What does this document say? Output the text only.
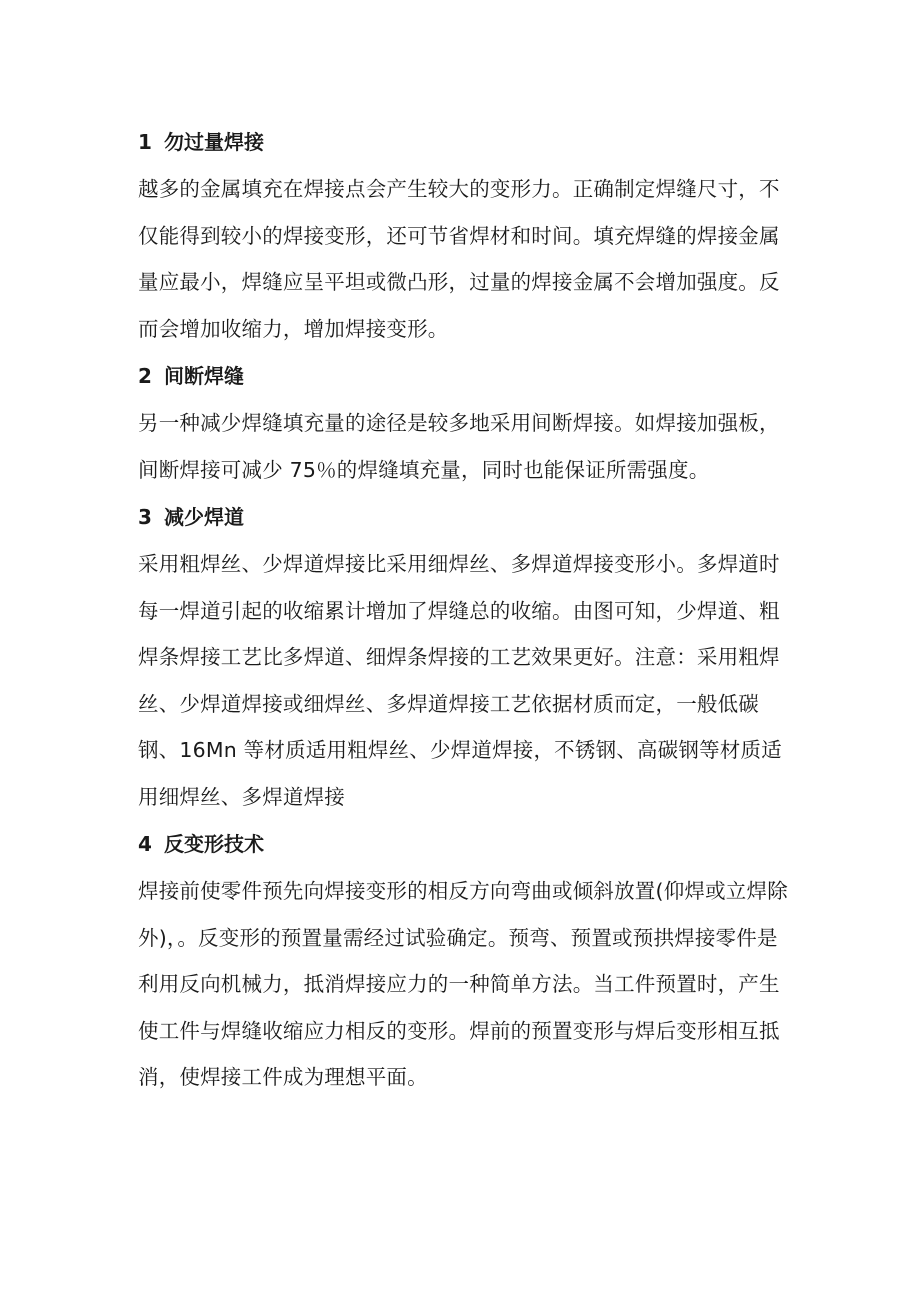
1 勿过量焊接

越多的金属填充在焊接点会产生较大的变形力。正确制定焊缝尺寸，不仅能得到较小的焊接变形，还可节省焊材和时间。填充焊缝的焊接金属量应最小，焊缝应呈平坦或微凸形，过量的焊接金属不会增加强度。反而会增加收缩力，增加焊接变形。

2 间断焊缝

另一种减少焊缝填充量的途径是较多地采用间断焊接。如焊接加强板，间断焊接可减少 75％的焊缝填充量，同时也能保证所需强度。

3 减少焊道

采用粗焊丝、少焊道焊接比采用细焊丝、多焊道焊接变形小。多焊道时每一焊道引起的收缩累计增加了焊缝总的收缩。由图可知，少焊道、粗焊条焊接工艺比多焊道、细焊条焊接的工艺效果更好。注意：采用粗焊丝、少焊道焊接或细焊丝、多焊道焊接工艺依据材质而定，一般低碳钢、16Mn 等材质适用粗焊丝、少焊道焊接，不锈钢、高碳钢等材质适用细焊丝、多焊道焊接

4 反变形技术

焊接前使零件预先向焊接变形的相反方向弯曲或倾斜放置(仰焊或立焊除外)，。反变形的预置量需经过试验确定。预弯、预置或预拱焊接零件是利用反向机械力，抵消焊接应力的一种简单方法。当工件预置时，产生使工件与焊缝收缩应力相反的变形。焊前的预置变形与焊后变形相互抵消，使焊接工件成为理想平面。
